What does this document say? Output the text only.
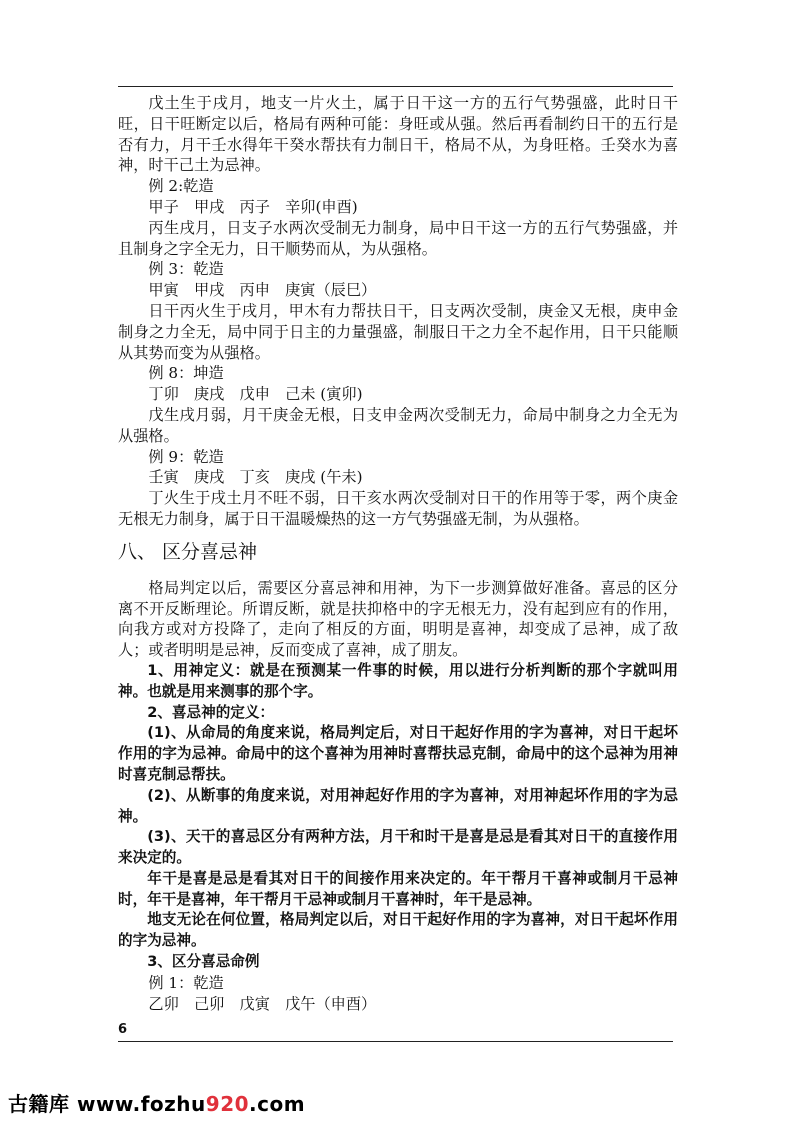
戊土生于戌月，地支一片火土，属于日干这一方的五行气势强盛，此时日干旺，日干旺断定以后，格局有两种可能：身旺或从强。然后再看制约日干的五行是否有力，月干壬水得年干癸水帮扶有力制日干，格局不从，为身旺格。壬癸水为喜神，时干己土为忌神。

例 2:乾造

甲子　甲戌　丙子　辛卯(申酉)

丙生戌月，日支子水两次受制无力制身，局中日干这一方的五行气势强盛，并且制身之字全无力，日干顺势而从，为从强格。

例 3：乾造

甲寅　甲戌　丙申　庚寅（辰巳）

日干丙火生于戌月，甲木有力帮扶日干，日支两次受制，庚金又无根，庚申金制身之力全无，局中同于日主的力量强盛，制服日干之力全不起作用，日干只能顺从其势而变为从强格。

例 8：坤造

丁卯　庚戌　戊申　己未 (寅卯)

戊生戌月弱，月干庚金无根，日支申金两次受制无力，命局中制身之力全无为从强格。

例 9：乾造

壬寅　庚戌　丁亥　庚戌 (午未)

丁火生于戌土月不旺不弱，日干亥水两次受制对日干的作用等于零，两个庚金无根无力制身，属于日干温暖燥热的这一方气势强盛无制，为从强格。

八、 区分喜忌神

格局判定以后，需要区分喜忌神和用神，为下一步测算做好准备。喜忌的区分离不开反断理论。所谓反断，就是扶抑格中的字无根无力，没有起到应有的作用，向我方或对方投降了，走向了相反的方面，明明是喜神，却变成了忌神，成了敌人；或者明明是忌神，反而变成了喜神，成了朋友。

1、用神定义：就是在预测某一件事的时候，用以进行分析判断的那个字就叫用神。也就是用来测事的那个字。

2、喜忌神的定义：

(1)、从命局的角度来说，格局判定后，对日干起好作用的字为喜神，对日干起坏作用的字为忌神。命局中的这个喜神为用神时喜帮扶忌克制，命局中的这个忌神为用神时喜克制忌帮扶。

(2)、从断事的角度来说，对用神起好作用的字为喜神，对用神起坏作用的字为忌神。

(3)、天干的喜忌区分有两种方法，月干和时干是喜是忌是看其对日干的直接作用来决定的。

年干是喜是忌是看其对日干的间接作用来决定的。年干帮月干喜神或制月干忌神时，年干是喜神，年干帮月干忌神或制月干喜神时，年干是忌神。

地支无论在何位置，格局判定以后，对日干起好作用的字为喜神，对日干起坏作用的字为忌神。

3、区分喜忌命例

例 1：乾造

乙卯　己卯　戊寅　戊午（申酉）

6
古籍库 www.fozhu920.com
